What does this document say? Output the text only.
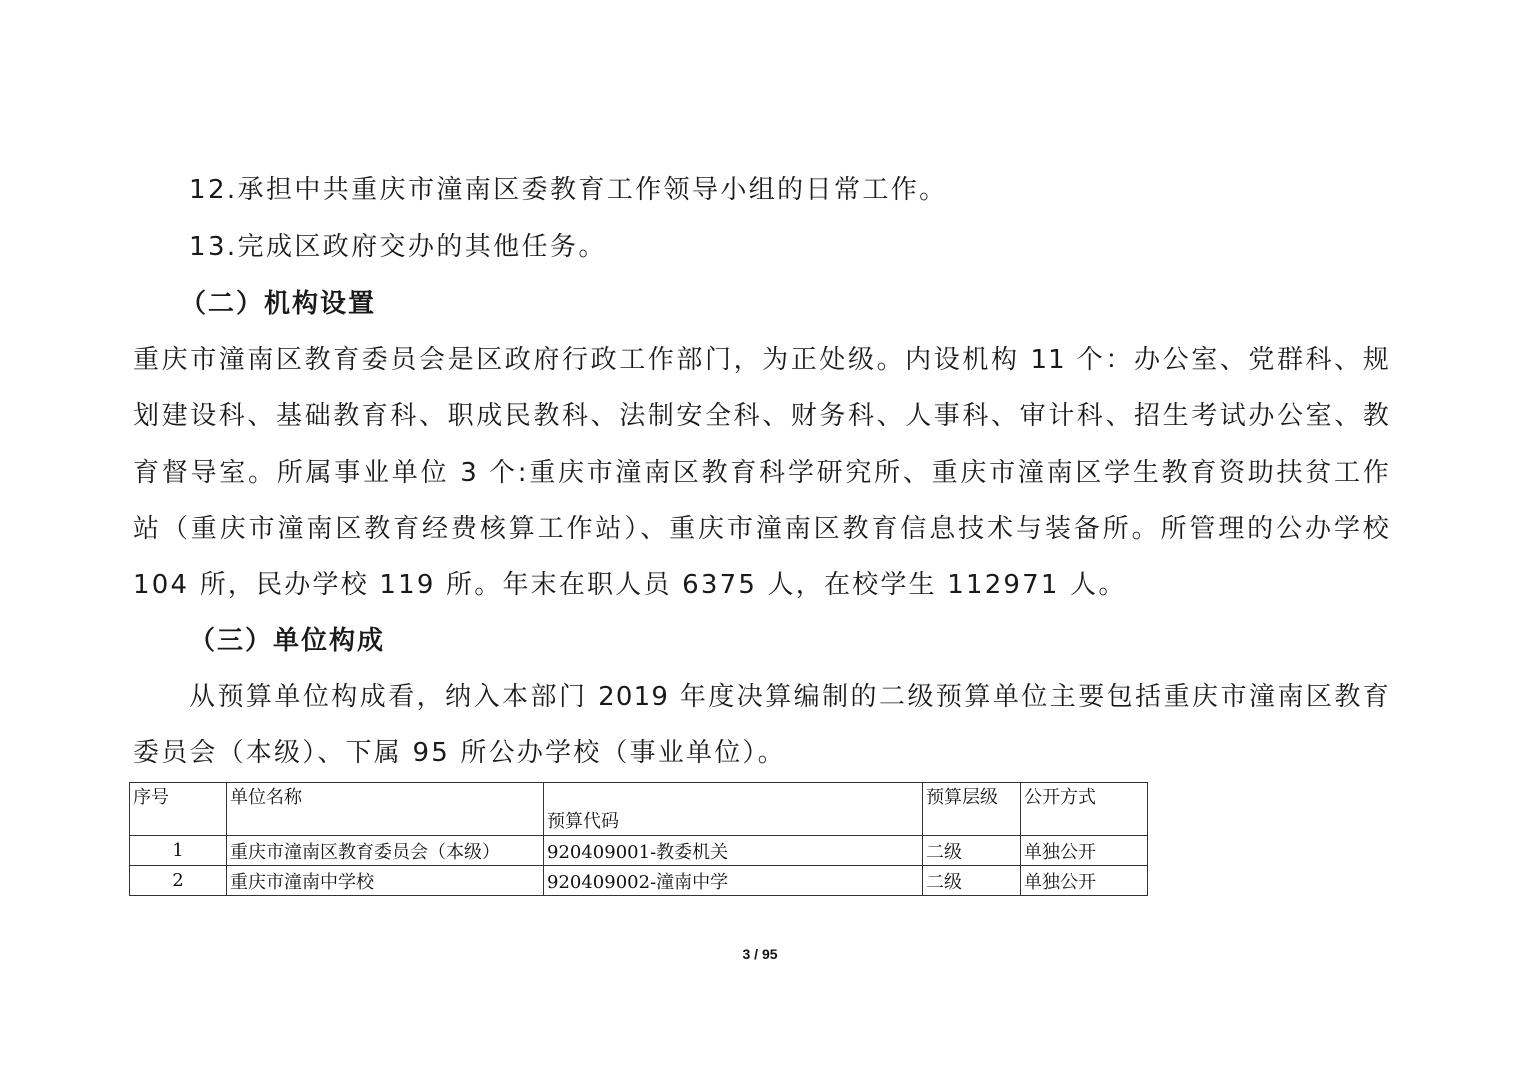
12.承担中共重庆市潼南区委教育工作领导小组的日常工作。
13.完成区政府交办的其他任务。
（二）机构设置
重庆市潼南区教育委员会是区政府行政工作部门，为正处级。内设机构 11 个：办公室、党群科、规
划建设科、基础教育科、职成民教科、法制安全科、财务科、人事科、审计科、招生考试办公室、教
育督导室。所属事业单位 3 个:重庆市潼南区教育科学研究所、重庆市潼南区学生教育资助扶贫工作
站（重庆市潼南区教育经费核算工作站）、重庆市潼南区教育信息技术与装备所。所管理的公办学校
104 所，民办学校 119 所。年末在职人员 6375 人，在校学生 112971 人。
（三）单位构成
从预算单位构成看，纳入本部门 2019 年度决算编制的二级预算单位主要包括重庆市潼南区教育
委员会（本级）、下属 95 所公办学校（事业单位）。
序号	单位名称	预算代码	预算层级	公开方式
1	重庆市潼南区教育委员会（本级）	920409001-教委机关	二级	单独公开
2	重庆市潼南中学校	920409002-潼南中学	二级	单独公开
3 / 95
